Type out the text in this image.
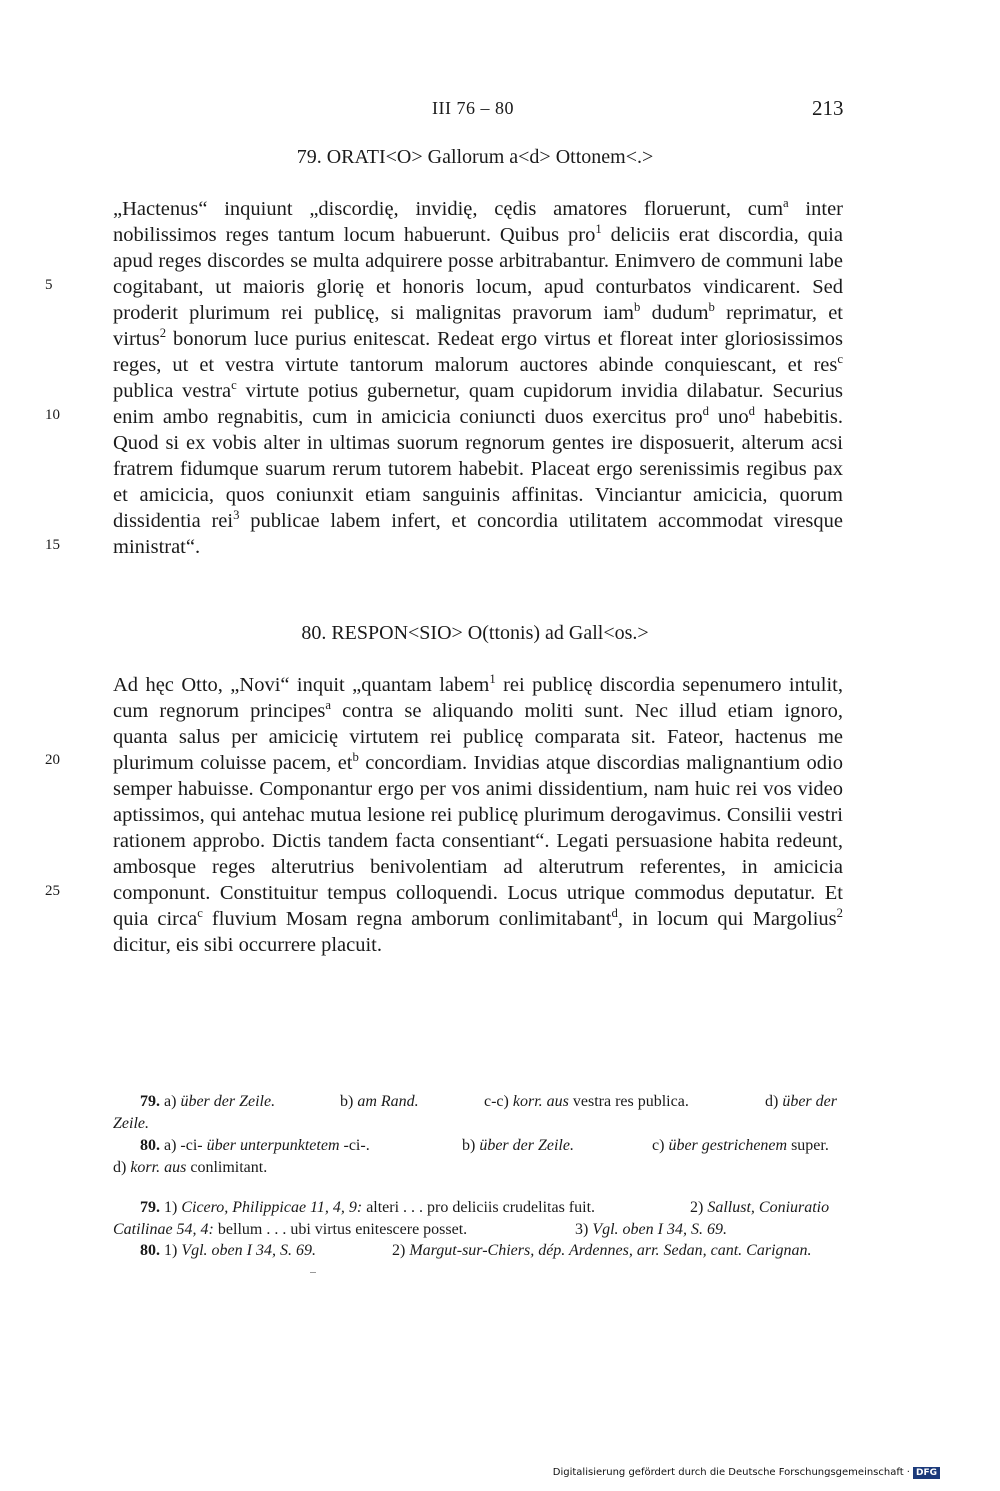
III 76 – 80	213
79. ORATI<O> Gallorum a<d> Ottonem<.>
„Hactenus“ inquiunt „discordię, invidię, cędis amatores floruerunt, cum$^a$ inter
nobilissimos reges tantum locum habuerunt. Quibus pro$^1$ deliciis erat discordia, quia
apud reges discordes se multa adquirere posse arbitrabantur. Enimvero de communi labe
cogitabant, ut maioris glorię et honoris locum, apud conturbatos vindicarent. Sed
proderit plurimum rei publicę, si malignitas pravorum iam$^b$ dudum$^b$ reprimatur, et
virtus$^2$ bonorum luce purius enitescat. Redeat ergo virtus et floreat inter gloriosissimos
reges, ut et vestra virtute tantorum malorum auctores abinde conquiescant, et res$^c$
publica vestra$^c$ virtute potius gubernetur, quam cupidorum invidia dilabatur. Securius
enim ambo regnabitis, cum in amicicia coniuncti duos exercitus pro$^d$ uno$^d$ habebitis.
Quod si ex vobis alter in ultimas suorum regnorum gentes ire disposuerit, alterum acsi
fratrem fidumque suarum rerum tutorem habebit. Placeat ergo serenissimis regibus pax
et amicicia, quos coniunxit etiam sanguinis affinitas. Vinciantur amicicia, quorum
dissidentia rei$^3$ publicae labem infert, et concordia utilitatem accommodat viresque
ministrat“.
5
10
15
80. RESPON<SIO> O(ttonis) ad Gall<os.>
Ad hęc Otto, „Novi“ inquit „quantam labem$^1$ rei publicę discordia sepenumero intulit,
cum regnorum principes$^a$ contra se aliquando moliti sunt. Nec illud etiam ignoro,
quanta salus per amicicię virtutem rei publicę comparata sit. Fateor, hactenus me
plurimum coluisse pacem, $et^b$ concordiam. Invidias atque discordias malignantium odio
semper habuisse. Componantur ergo per vos animi dissidentium, nam huic rei vos video
aptissimos, qui antehac mutua lesione rei publicę plurimum derogavimus. Consilii vestri
rationem approbo. Dictis tandem facta consentiant“. Legati persuasione habita redeunt,
ambosque reges alterutrius benivolentiam ad alterutrum referentes, in amicicia
componunt. Constituitur tempus colloquendi. Locus utrique commodus deputatur. Et
quia circa$^c$ fluvium Mosam regna amborum conlimitabant$^d$, in locum qui Margolius$^2$
dicitur, eis sibi occurrere placuit.
20
25
79. a) über der Zeile.	b) am Rand.	c-c) korr. aus vestra res publica.	d) über der
Zeile.
80. a) -ci- über unterpunktetem -ci-.	b) über der Zeile.	c) über gestrichenem super.
d) korr. aus conlimitant.
79. 1) Cicero, Philippicae 11, 4, 9: alteri . . . pro deliciis crudelitas fuit.	2) Sallust, Coniuratio
Catilinae 54, 4: bellum . . . ubi virtus enitescere posset.	3) Vgl. oben I 34, S. 69.
80. 1) Vgl. oben I 34, S. 69.	2) Margut-sur-Chiers, dép. Ardennes, arr. Sedan, cant. Carignan.
Digitalisierung gefördert durch die Deutsche Forschungsgemeinschaft · DFG
